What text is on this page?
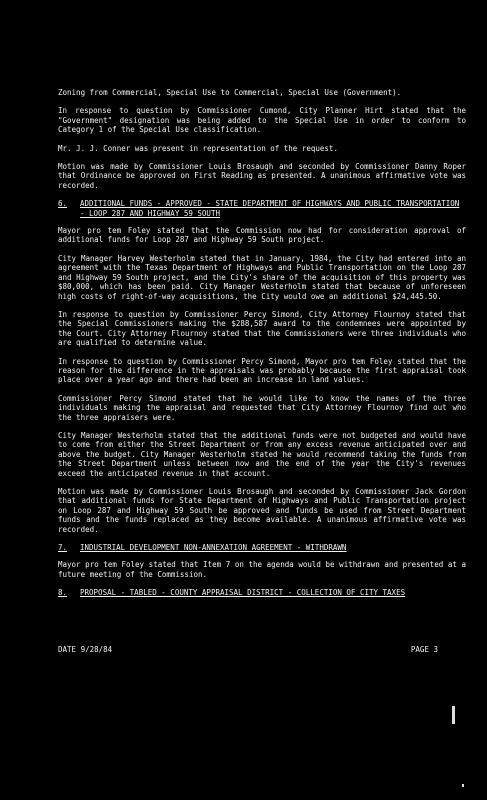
Zoning from Commercial, Special Use to Commercial, Special Use (Government).
In response to question by Commissioner Cumond, City Planner Hirt stated that the "Government" designation was being added to the Special Use in order to conform to Category 1 of the Special Use classification.
Mr. J. J. Conner was present in representation of the request.
Motion was made by Commissioner Louis Brosaugh and seconded by Commissioner Danny Roper that Ordinance be approved on First Reading as presented. A unanimous affirmative vote was recorded.
6.	ADDITIONAL FUNDS - APPROVED - STATE DEPARTMENT OF HIGHWAYS AND PUBLIC TRANSPORTATION - LOOP 287 AND HIGHWAY 59 SOUTH
Mayor pro tem Foley stated that the Commission now had for consideration approval of additional funds for Loop 287 and Highway 59 South project.
City Manager Harvey Westerholm stated that in January, 1984, the City had entered into an agreement with the Texas Department of Highways and Public Transportation on the Loop 287 and Highway 59 South project, and the City's share of the acquisition of this property was $80,000, which has been paid. City Manager Westerholm stated that because of unforeseen high costs of right-of-way acquisitions, the City would owe an additional $24,445.50.
In response to question by Commissioner Percy Simond, City Attorney Flournoy stated that the Special Commissioners making the $288,587 award to the condemnees were appointed by the Court. City Attorney Flournoy stated that the Commissioners were three individuals who are qualified to determine value.
In response to question by Commissioner Percy Simond, Mayor pro tem Foley stated that the reason for the difference in the appraisals was probably because the first appraisal took place over a year ago and there had been an increase in land values.
Commissioner Percy Simond stated that he would like to know the names of the three individuals making the appraisal and requested that City Attorney Flournoy find out who the three appraisers were.
City Manager Westerholm stated that the additional funds were not budgeted and would have to come from either the Street Department or from any excess revenue anticipated over and above the budget. City Manager Westerholm stated he would recommend taking the funds from the Street Department unless between now and the end of the year the City's revenues exceed the anticipated revenue in that account.
Motion was made by Commissioner Louis Brosaugh and seconded by Commissioner Jack Gordon that additional funds for State Department of Highways and Public Transportation project on Loop 287 and Highway 59 South be approved and funds be used from Street Department funds and the funds replaced as they become available. A unanimous affirmative vote was recorded.
7.	INDUSTRIAL DEVELOPMENT NON-ANNEXATION AGREEMENT - WITHDRAWN
Mayor pro tem Foley stated that Item 7 on the agenda would be withdrawn and presented at a future meeting of the Commission.
8.	PROPOSAL - TABLED - COUNTY APPRAISAL DISTRICT - COLLECTION OF CITY TAXES
DATE 9/28/84	PAGE 3
